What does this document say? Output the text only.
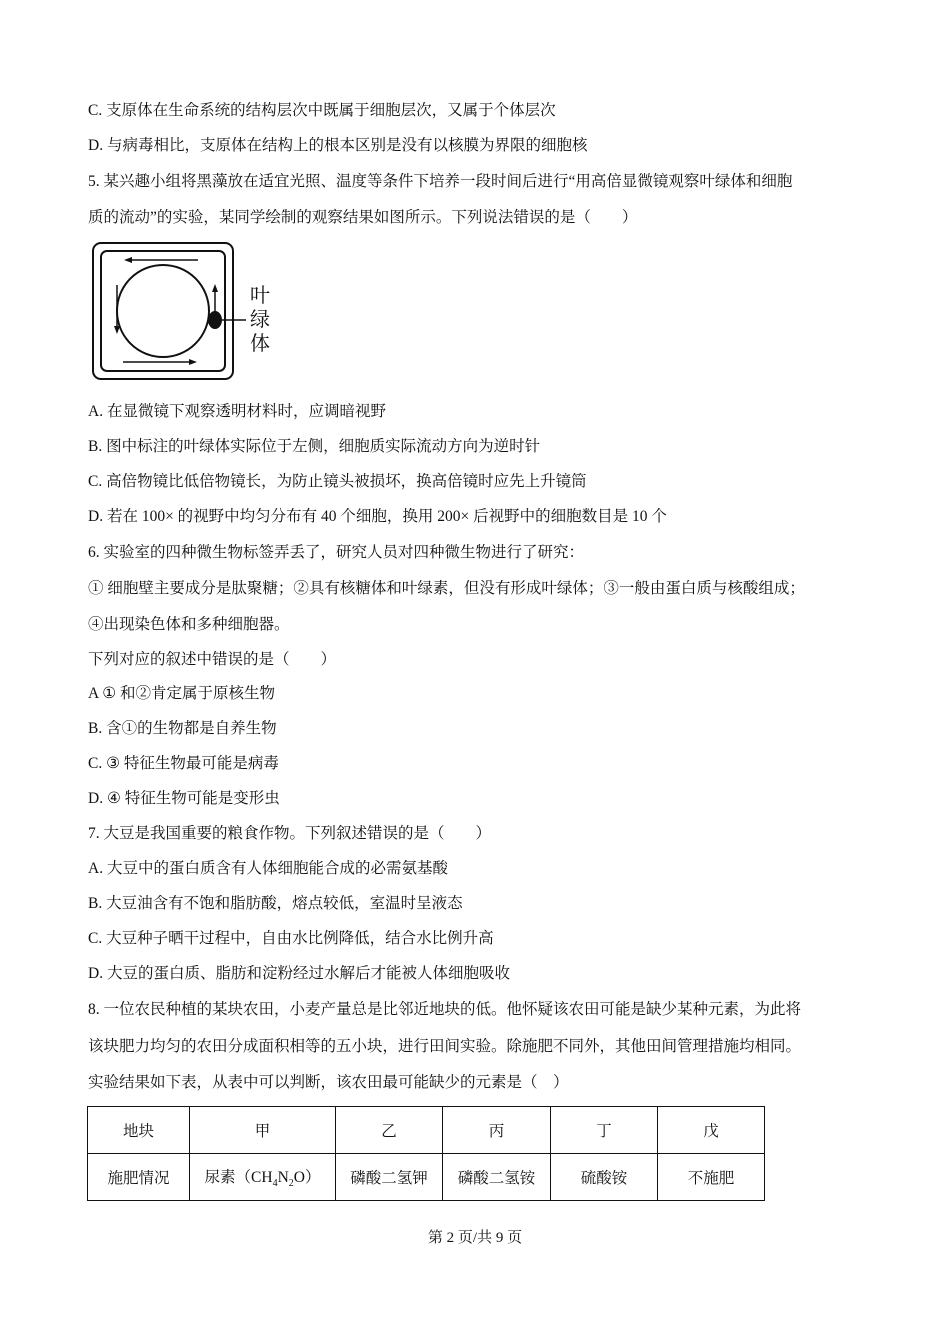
C. 支原体在生命系统的结构层次中既属于细胞层次，又属于个体层次
D. 与病毒相比，支原体在结构上的根本区别是没有以核膜为界限的细胞核
5. 某兴趣小组将黑藻放在适宜光照、温度等条件下培养一段时间后进行“用高倍显微镜观察叶绿体和细胞
质的流动”的实验，某同学绘制的观察结果如图所示。下列说法错误的是（　　）
叶
绿
体
A. 在显微镜下观察透明材料时，应调暗视野
B. 图中标注的叶绿体实际位于左侧，细胞质实际流动方向为逆时针
C. 高倍物镜比低倍物镜长，为防止镜头被损坏，换高倍镜时应先上升镜筒
D. 若在 100× 的视野中均匀分布有 40 个细胞，换用 200× 后视野中的细胞数目是 10 个
6. 实验室的四种微生物标签弄丢了，研究人员对四种微生物进行了研究：
① 细胞壁主要成分是肽聚糖；②具有核糖体和叶绿素，但没有形成叶绿体；③一般由蛋白质与核酸组成；
④出现染色体和多种细胞器。
下列对应的叙述中错误的是（　　）
A ① 和②肯定属于原核生物
B. 含①的生物都是自养生物
C. ③ 特征生物最可能是病毒
D. ④ 特征生物可能是变形虫
7. 大豆是我国重要的粮食作物。下列叙述错误的是（　　）
A. 大豆中的蛋白质含有人体细胞能合成的必需氨基酸
B. 大豆油含有不饱和脂肪酸，熔点较低，室温时呈液态
C. 大豆种子晒干过程中，自由水比例降低，结合水比例升高
D. 大豆的蛋白质、脂肪和淀粉经过水解后才能被人体细胞吸收
8. 一位农民种植的某块农田，小麦产量总是比邻近地块的低。他怀疑该农田可能是缺少某种元素，为此将
该块肥力均匀的农田分成面积相等的五小块，进行田间实验。除施肥不同外，其他田间管理措施均相同。
实验结果如下表，从表中可以判断，该农田最可能缺少的元素是（　）
地块	甲	乙	丙	丁	戊
施肥情况	尿素$(CH_4N_2O)$	磷酸二氢钾	磷酸二氢铵	硫酸铵	不施肥
第 2 页/共 9 页
